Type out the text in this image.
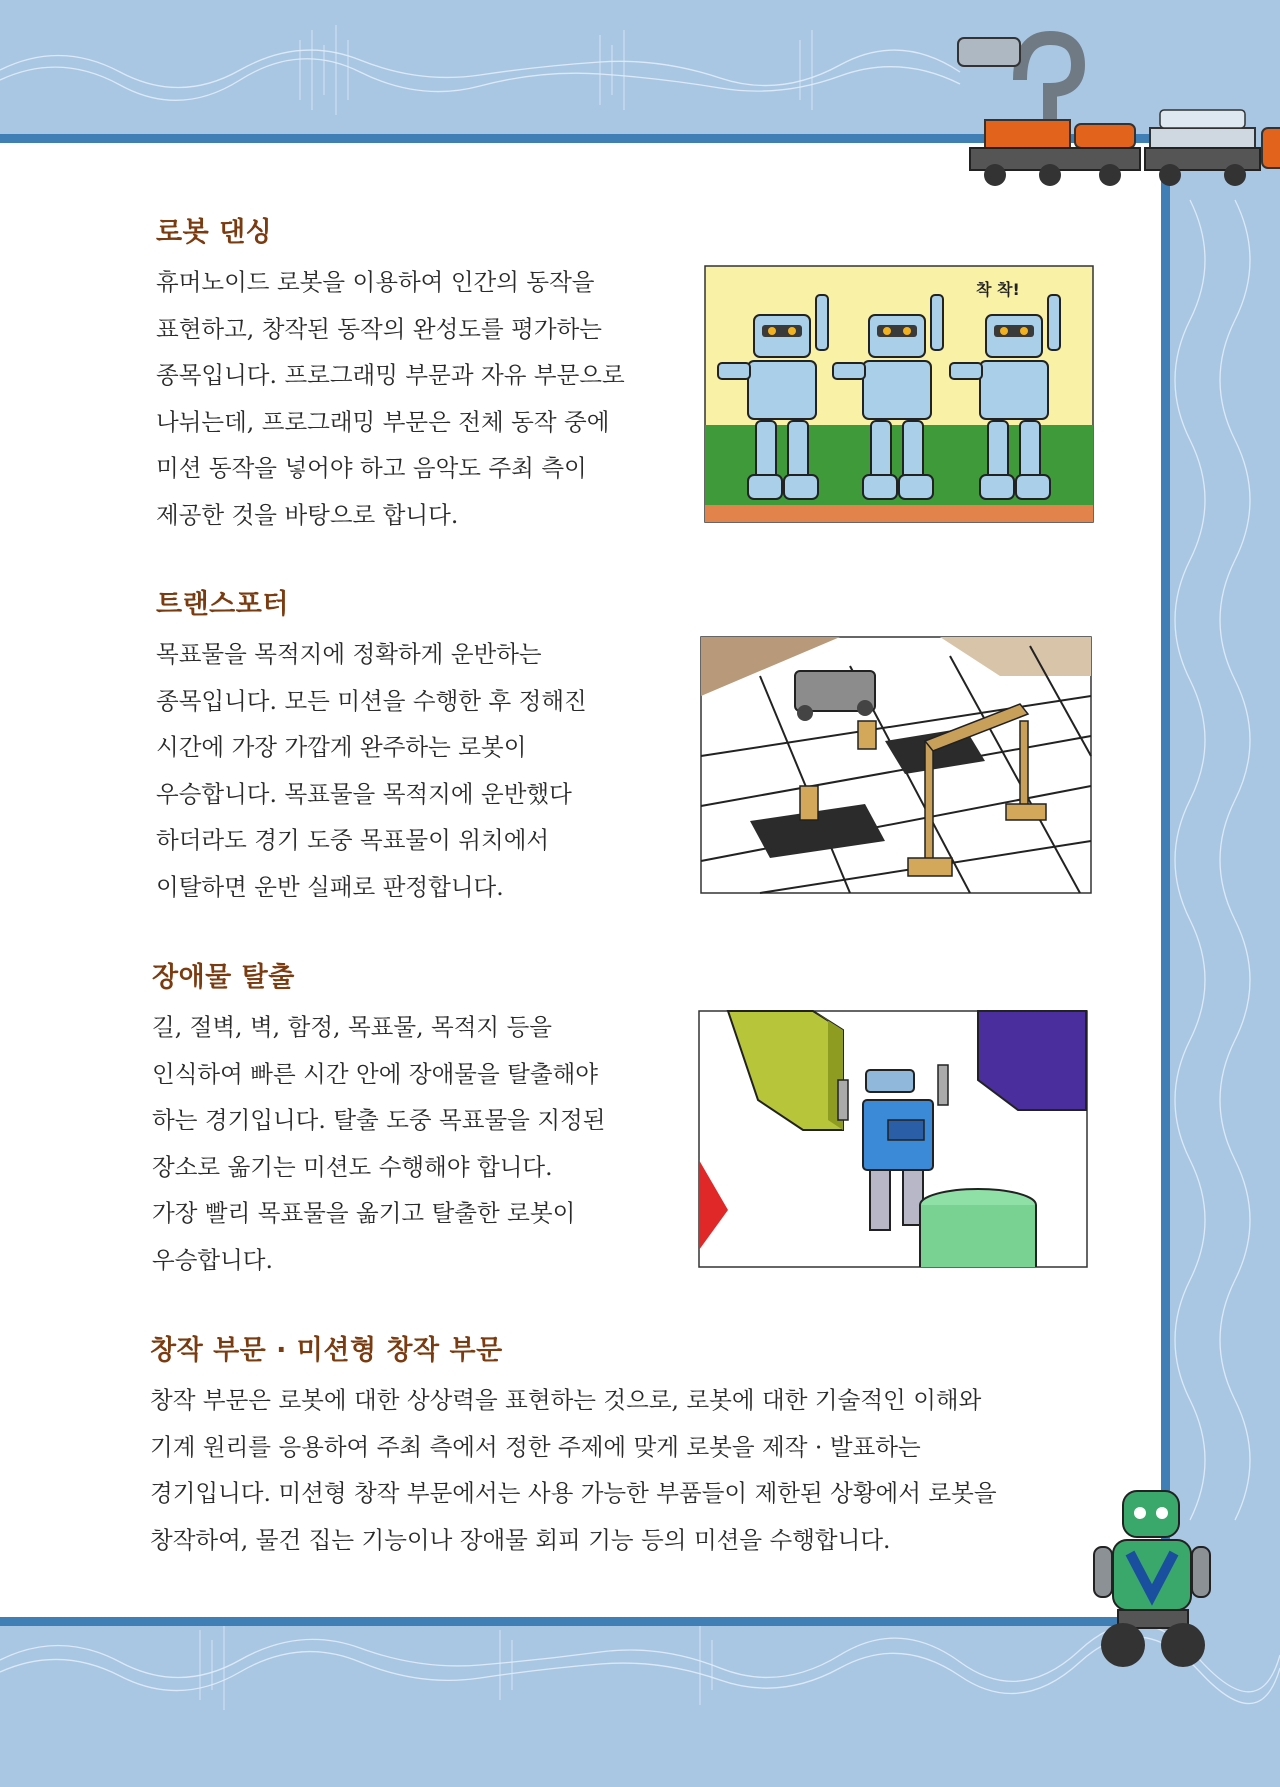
로봇 댄싱
휴머노이드 로봇을 이용하여 인간의 동작을
표현하고, 창작된 동작의 완성도를 평가하는
종목입니다. 프로그래밍 부문과 자유 부문으로
나뉘는데, 프로그래밍 부문은 전체 동작 중에
미션 동작을 넣어야 하고 음악도 주최 측이
제공한 것을 바탕으로 합니다.
착 착!
트랜스포터
목표물을 목적지에 정확하게 운반하는
종목입니다. 모든 미션을 수행한 후 정해진
시간에 가장 가깝게 완주하는 로봇이
우승합니다. 목표물을 목적지에 운반했다
하더라도 경기 도중 목표물이 위치에서
이탈하면 운반 실패로 판정합니다.
장애물 탈출
길, 절벽, 벽, 함정, 목표물, 목적지 등을
인식하여 빠른 시간 안에 장애물을 탈출해야
하는 경기입니다. 탈출 도중 목표물을 지정된
장소로 옮기는 미션도 수행해야 합니다.
가장 빨리 목표물을 옮기고 탈출한 로봇이
우승합니다.
창작 부문 · 미션형 창작 부문
창작 부문은 로봇에 대한 상상력을 표현하는 것으로, 로봇에 대한 기술적인 이해와
기계 원리를 응용하여 주최 측에서 정한 주제에 맞게 로봇을 제작 · 발표하는
경기입니다. 미션형 창작 부문에서는 사용 가능한 부품들이 제한된 상황에서 로봇을
창작하여, 물건 집는 기능이나 장애물 회피 기능 등의 미션을 수행합니다.
